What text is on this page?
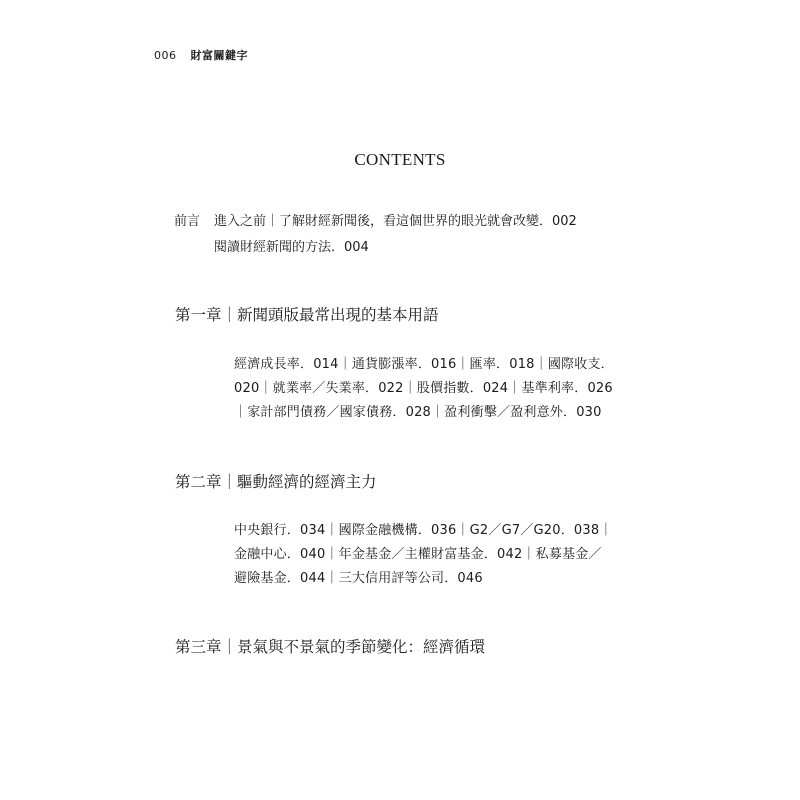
006 財富關鍵字
CONTENTS
前言 進入之前｜了解財經新聞後，看這個世界的眼光就會改變．002
閱讀財經新聞的方法．004
第一章｜新聞頭版最常出現的基本用語
經濟成長率．014｜通貨膨漲率．016｜匯率．018｜國際收支．
020｜就業率／失業率．022｜股價指數．024｜基準利率．026
｜家計部門債務／國家債務．028｜盈利衝擊／盈利意外．030
第二章｜驅動經濟的經濟主力
中央銀行．034｜國際金融機構．036｜G2／G7／G20．038｜
金融中心．040｜年金基金／主權財富基金．042｜私募基金／
避險基金．044｜三大信用評等公司．046
第三章｜景氣與不景氣的季節變化：經濟循環
